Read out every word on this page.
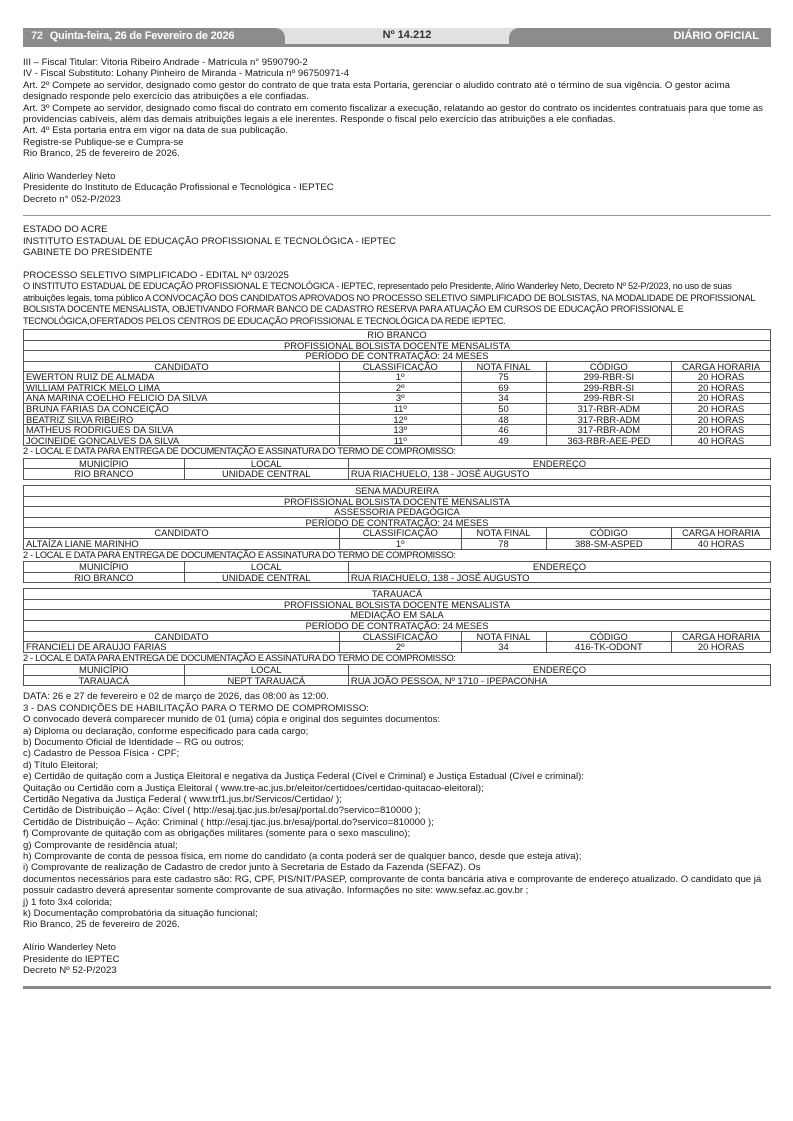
72 Quinta-feira, 26 de Fevereiro de 2026	Nº 14.212	DIÁRIO OFICIAL

III – Fiscal Titular: Vitoria Ribeiro Andrade - Matrícula n° 9590790-2

IV - Fiscal Substituto: Lohany Pinheiro de Miranda - Matricula nº 96750971-4

Art. 2º Compete ao servidor, designado como gestor do contrato de que trata esta Portaria, gerenciar o aludido contrato até o término de sua vigência. O gestor acima designado responde pelo exercício das atribuições a ele confiadas.

Art. 3º Compete ao servidor, designado como fiscal do contrato em comento fiscalizar a execução, relatando ao gestor do contrato os incidentes contratuais para que tome as providencias cabíveis, além das demais atribuições legais a ele inerentes. Responde o fiscal pelo exercício das atribuições a ele confiadas.

Art. 4º Esta portaria entra em vigor na data de sua publicação.

Registre-se Publique-se e Cumpra-se

Rio Branco, 25 de fevereiro de 2026.

Alirio Wanderley Neto

Presidente do Instituto de Educação Profissional e Tecnológica - IEPTEC

Decreto n° 052-P/2023

ESTADO DO ACRE

INSTITUTO ESTADUAL DE EDUCAÇÃO PROFISSIONAL E TECNOLÓGICA - IEPTEC

GABINETE DO PRESIDENTE

PROCESSO SELETIVO SIMPLIFICADO - EDITAL Nº 03/2025

O INSTITUTO ESTADUAL DE EDUCAÇÃO PROFISSIONAL E TECNOLÓGICA - IEPTEC, representado pelo Presidente, Alírio Wanderley Neto, Decreto Nº 52-P/2023, no uso de suas atribuições legais, toma público A CONVOCAÇÃO DOS CANDIDATOS APROVADOS NO PROCESSO SELETIVO SIMPLIFICADO DE BOLSISTAS, NA MODALIDADE DE PROFISSIONAL BOLSISTA DOCENTE MENSALISTA, OBJETIVANDO FORMAR BANCO DE CADASTRO RESERVA PARA ATUAÇÃO EM CURSOS DE EDUCAÇÃO PROFISSIONAL E TECNOLÓGICA,OFERTADOS PELOS CENTROS DE EDUCAÇÃO PROFISSIONAL E TECNOLÓGICA DA REDE IEPTEC.

RIO BRANCO				
PROFISSIONAL BOLSISTA DOCENTE MENSALISTA				
PERÍODO DE CONTRATAÇÃO: 24 MESES				
CANDIDATO	CLASSIFICAÇÃO	NOTA FINAL	CÓDIGO	CARGA HORARIA
EWERTON RUIZ DE ALMADA	1º	75	299-RBR-SI	20 HORAS
WILLIAM PATRICK MELO LIMA	2º	69	299-RBR-SI	20 HORAS
ANA MARINA COELHO FELICIO DA SILVA	3º	34	299-RBR-SI	20 HORAS
BRUNA FARIAS DA CONCEIÇÃO	11º	50	317-RBR-ADM	20 HORAS
BEATRIZ SILVA RIBEIRO	12º	48	317-RBR-ADM	20 HORAS
MATHEUS RODRIGUES DA SILVA	13º	46	317-RBR-ADM	20 HORAS
JOCINEIDE GONCALVES DA SILVA	11º	49	363-RBR-AEE-PED	40 HORAS

2 - LOCAL E DATA PARA ENTREGA DE DOCUMENTAÇÃO E ASSINATURA DO TERMO DE COMPROMISSO:

MUNICÍPIO	LOCAL	ENDEREÇO
RIO BRANCO	UNIDADE CENTRAL	RUA RIACHUELO, 138 - JOSÉ AUGUSTO
SENA MADUREIRA				
PROFISSIONAL BOLSISTA DOCENTE MENSALISTA				
ASSESSORIA PEDAGÓGICA				
PERÍODO DE CONTRATAÇÃO: 24 MESES				
CANDIDATO	CLASSIFICAÇÃO	NOTA FINAL	CÓDIGO	CARGA HORARIA
ALTAÍZA LIANE MARINHO	1º	78	388-SM-ASPED	40 HORAS

2 - LOCAL E DATA PARA ENTREGA DE DOCUMENTAÇÃO E ASSINATURA DO TERMO DE COMPROMISSO:

MUNICÍPIO	LOCAL	ENDEREÇO
RIO BRANCO	UNIDADE CENTRAL	RUA RIACHUELO, 138 - JOSÉ AUGUSTO
TARAUACÁ				
PROFISSIONAL BOLSISTA DOCENTE MENSALISTA				
MEDIAÇÃO EM SALA				
PERÍODO DE CONTRATAÇÃO: 24 MESES				
CANDIDATO	CLASSIFICAÇÃO	NOTA FINAL	CÓDIGO	CARGA HORARIA
FRANCIELI DE ARAUJO FARIAS	2º	34	416-TK-ODONT	20 HORAS

2 - LOCAL E DATA PARA ENTREGA DE DOCUMENTAÇÃO E ASSINATURA DO TERMO DE COMPROMISSO:

MUNICÍPIO	LOCAL	ENDEREÇO
TARAUACÁ	NEPT TARAUACÁ	RUA JOÃO PESSOA, Nº 1710 - IPEPACONHA

DATA: 26 e 27 de fevereiro e 02 de março de 2026, das 08:00 às 12:00.

3 - DAS CONDIÇÕES DE HABILITAÇÃO PARA O TERMO DE COMPROMISSO:

O convocado deverá comparecer munido de 01 (uma) cópia e original dos seguintes documentos:

a) Diploma ou declaração, conforme especificado para cada cargo;

b) Documento Oficial de Identidade – RG ou outros;

c) Cadastro de Pessoa Física - CPF;

d) Título Eleitoral;

e) Certidão de quitação com a Justiça Eleitoral e negativa da Justiça Federal (Cível e Criminal) e Justiça Estadual (Cível e criminal):

Quitação ou Certidão com a Justiça Eleitoral ( www.tre-ac.jus.br/eleitor/certidoes/certidao-quitacao-eleitoral);

Certidão Negativa da Justiça Federal ( www.trf1.jus.br/Servicos/Certidao/ );

Certidão de Distribuição – Ação: Cível ( http://esaj.tjac.jus.br/esaj/portal.do?servico=810000 );

Certidão de Distribuição – Ação: Criminal ( http://esaj.tjac.jus.br/esaj/portal.do?servico=810000 );

f) Comprovante de quitação com as obrigações militares (somente para o sexo masculino);

g) Comprovante de residência atual;

h) Comprovante de conta de pessoa física, em nome do candidato (a conta poderá ser de qualquer banco, desde que esteja ativa);

i) Comprovante de realização de Cadastro de credor junto à Secretaria de Estado da Fazenda (SEFAZ). Os

documentos necessários para este cadastro são: RG, CPF, PIS/NIT/PASEP, comprovante de conta bancária ativa e comprovante de endereço atualizado. O candidato que já possuir cadastro deverá apresentar somente comprovante de sua ativação. Informações no site: www.sefaz.ac.gov.br ;

j) 1 foto 3x4 colorida;

k) Documentação comprobatória da situação funcional;

Rio Branco, 25 de fevereiro de 2026.

Alírio Wanderley Neto

Presidente do IEPTEC

Decreto Nº 52-P/2023
